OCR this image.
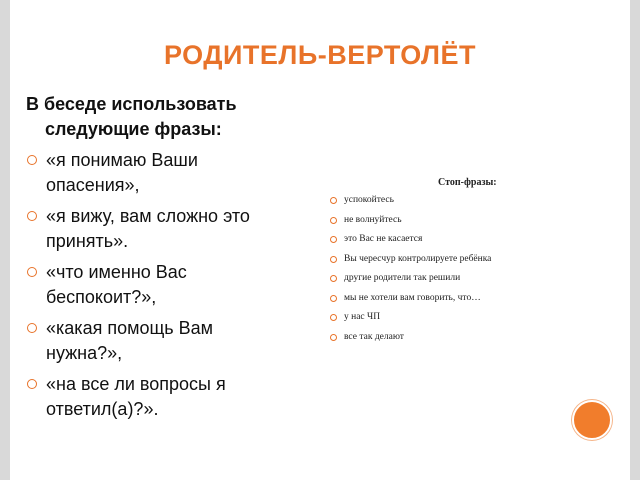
РОДИТЕЛЬ-ВЕРТОЛЁТ
В беседе использовать
следующие фразы:
«я понимаю Ваши опасения»,
«я вижу, вам сложно это принять».
«что именно Вас беспокоит?»,
«какая помощь Вам нужна?»,
«на все ли вопросы я ответил(а)?».
Стоп-фразы:
успокойтесь
не волнуйтесь
это Вас не касается
Вы чересчур контролируете ребёнка
другие родители так решили
мы не хотели вам говорить, что…
у нас ЧП
все так делают
